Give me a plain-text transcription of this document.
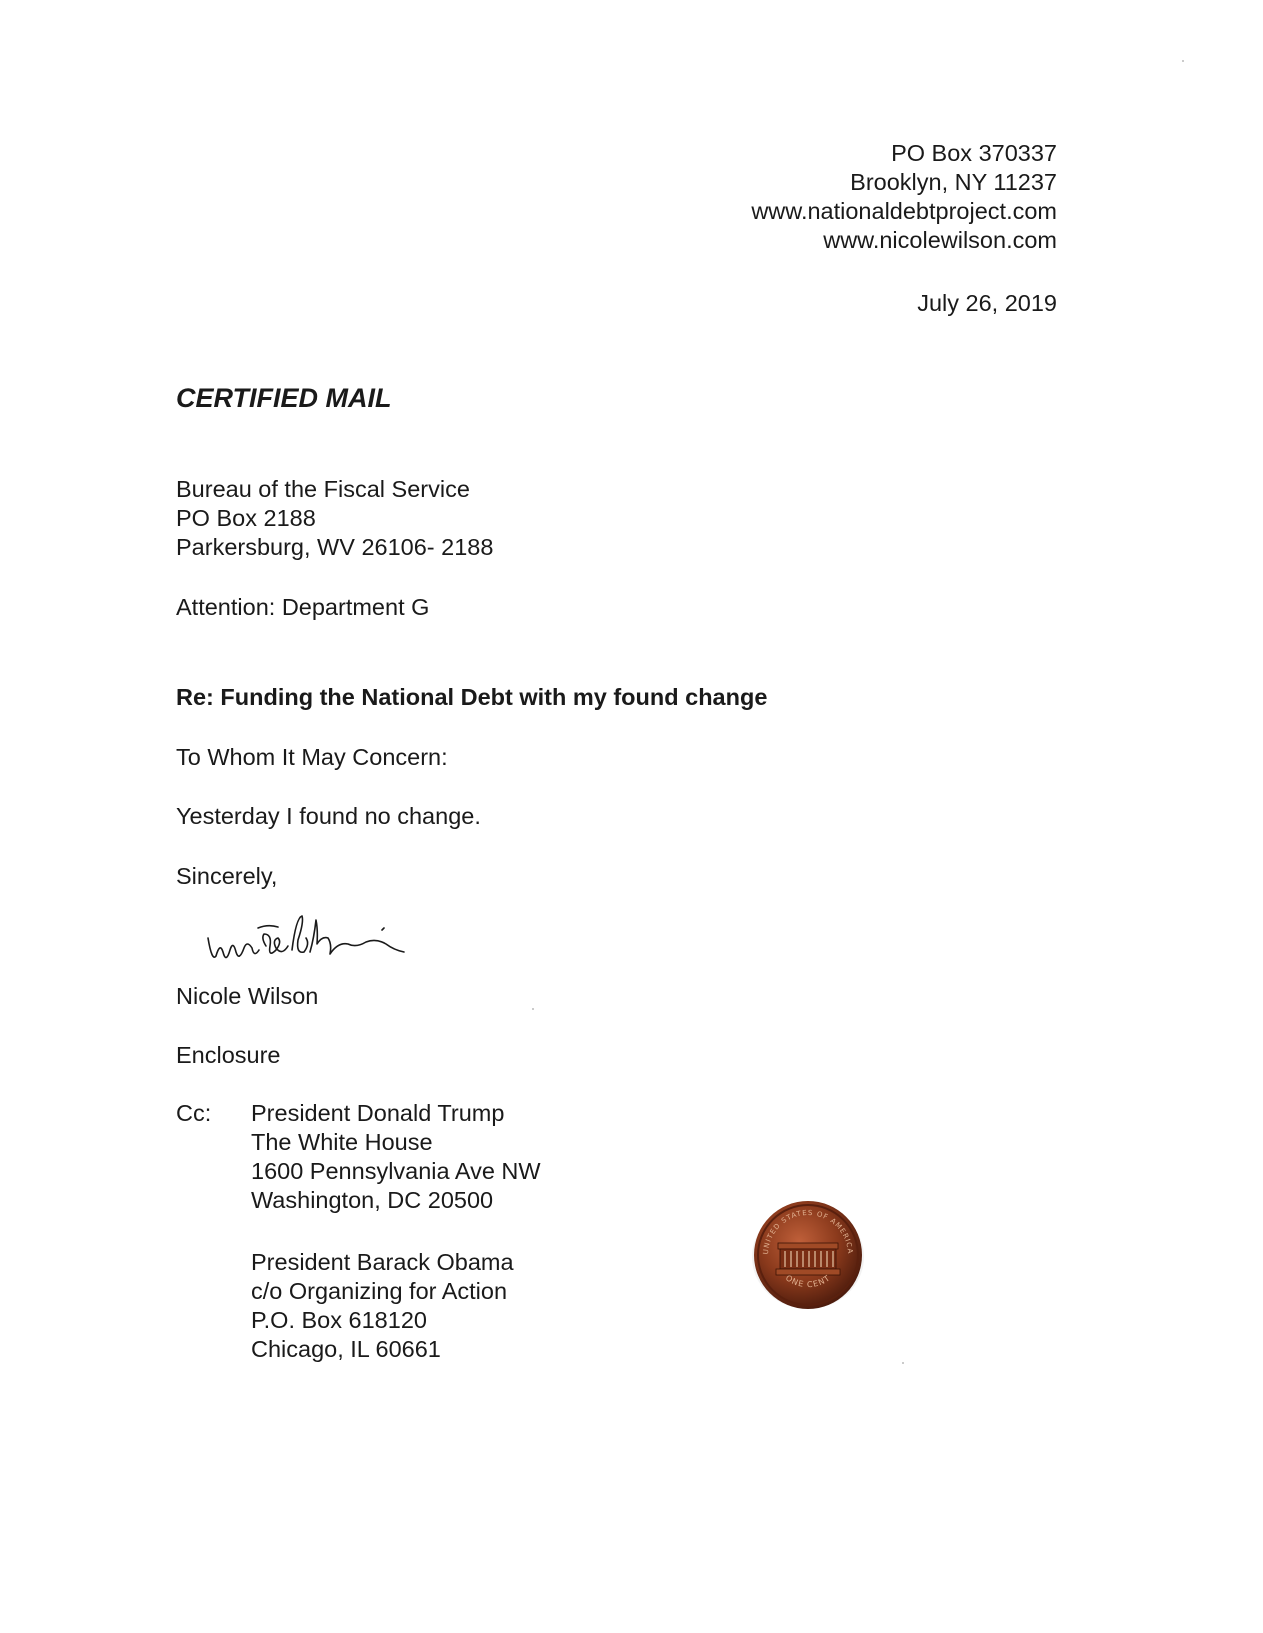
PO Box 370337
Brooklyn, NY 11237
www.nationaldebtproject.com
www.nicolewilson.com
July 26, 2019
CERTIFIED MAIL
Bureau of the Fiscal Service
PO Box 2188
Parkersburg, WV 26106- 2188
Attention: Department G
Re: Funding the National Debt with my found change
To Whom It May Concern:
Yesterday I found no change.
Sincerely,
Nicole Wilson
Enclosure
Cc: President Donald Trump
The White House
1600 Pennsylvania Ave NW
Washington, DC 20500
President Barack Obama
c/o Organizing for Action
P.O. Box 618120
Chicago, IL 60661
UNITED STATES OF AMERICA
ONE CENT
